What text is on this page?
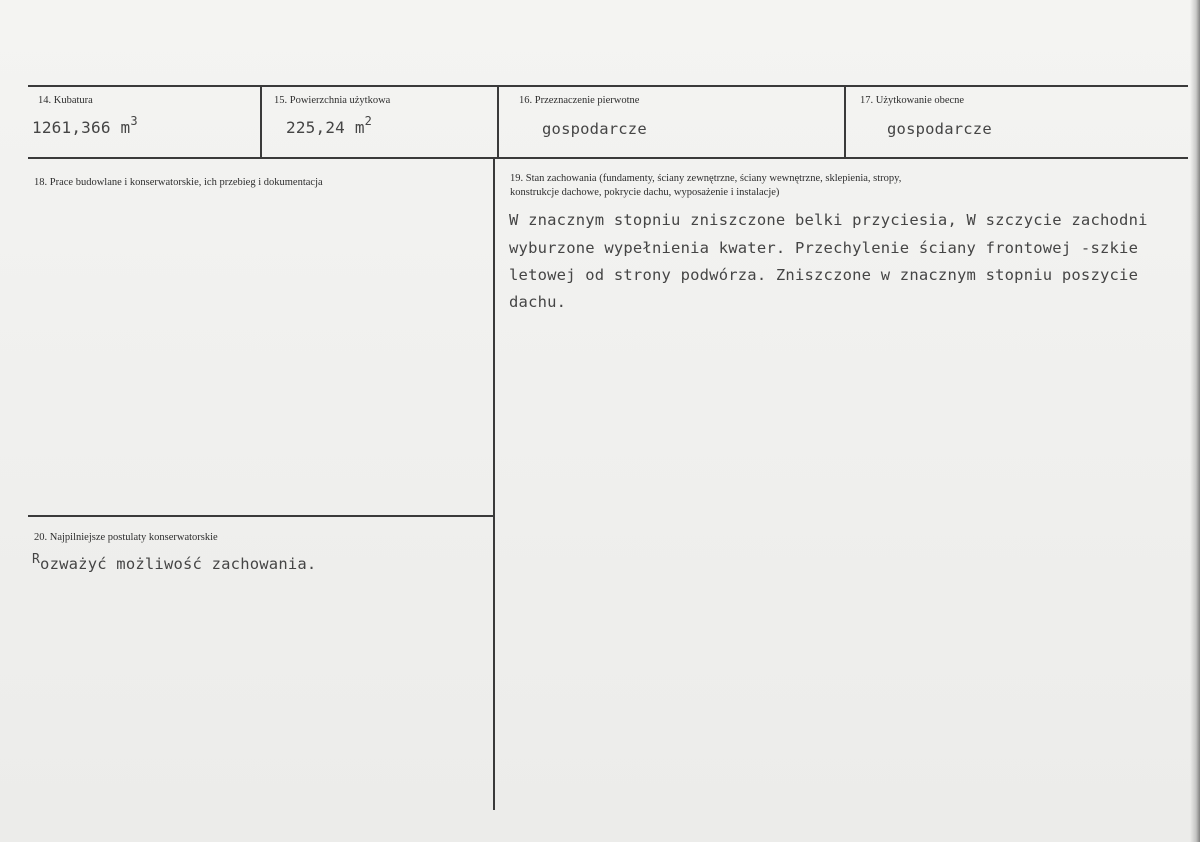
14. Kubatura
1261,366 $m^3$
15. Powierzchnia użytkowa
225,24 $m^2$
16. Przeznaczenie pierwotne
gospodarcze
17. Użytkowanie obecne
gospodarcze
18. Prace budowlane i konserwatorskie, ich przebieg i dokumentacja	19. Stan zachowania (fundamenty, ściany zewnętrzne, ściany wewnętrzne, sklepienia, stropy,
konstrukcje dachowe, pokrycie dachu, wyposażenie i instalacje)
W znacznym stopniu zniszczone belki przyciesia, W szczycie zachodni
wyburzone wypełnienia kwater. Przechylenie ściany frontowej -szkie
letowej od strony podwórza. Zniszczone w znacznym stopniu poszycie
dachu.
20. Najpilniejsze postulaty konserwatorskie
$^R$ozważyć możliwość zachowania.
